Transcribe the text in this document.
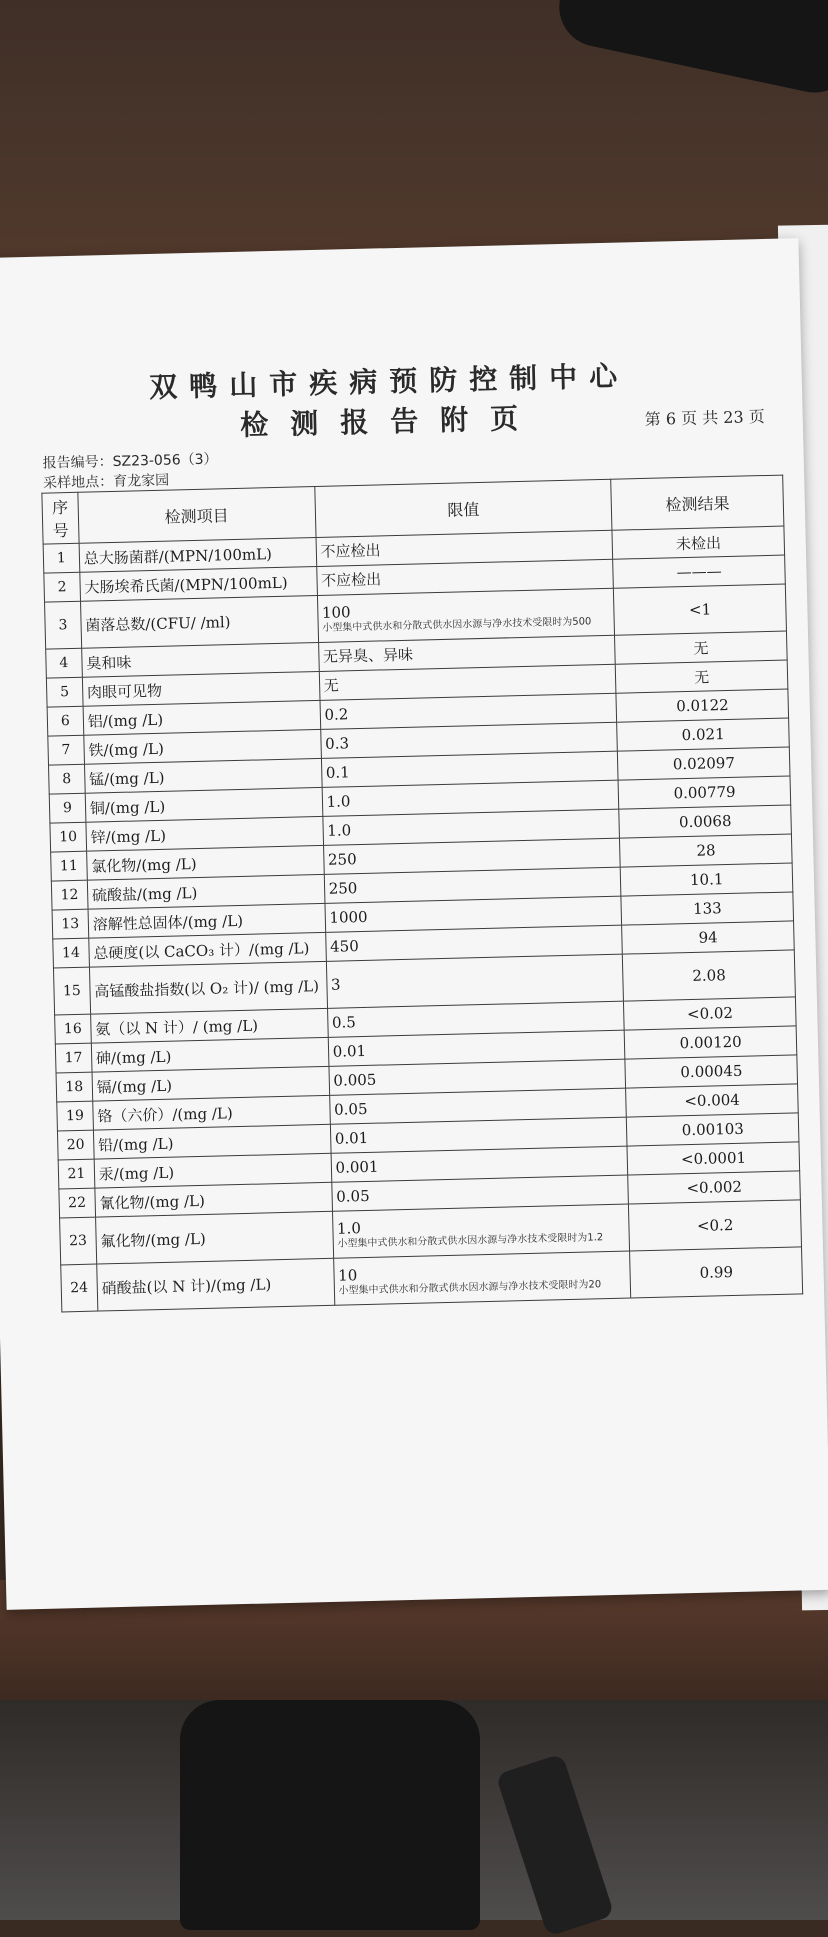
双鸭山市疾病预防控制中心
检测报告附页	第 6 页 共 23 页
报告编号：SZ23-056（3）
采样地点：育龙家园
序号	检测项目	限值	检测结果
1	总大肠菌群/(MPN/100mL)	不应检出	未检出
2	大肠埃希氏菌/(MPN/100mL)	不应检出	———
3	菌落总数/(CFU/ /ml)	100
小型集中式供水和分散式供水因水源与净水技术受限时为500	<1
4	臭和味	无异臭、异味	无
5	肉眼可见物	无	无
6	铝/(mg /L)	0.2	0.0122
7	铁/(mg /L)	0.3	0.021
8	锰/(mg /L)	0.1	0.02097
9	铜/(mg /L)	1.0	0.00779
10	锌/(mg /L)	1.0	0.0068
11	氯化物/(mg /L)	250	28
12	硫酸盐/(mg /L)	250	10.1
13	溶解性总固体/(mg /L)	1000	133
14	总硬度(以 CaCO₃ 计）/(mg /L)	450	94
15	高锰酸盐指数(以 O₂ 计)/ (mg /L)	3	2.08
16	氨（以 N 计）/ (mg /L)	0.5	<0.02
17	砷/(mg /L)	0.01	0.00120
18	镉/(mg /L)	0.005	0.00045
19	铬（六价）/(mg /L)	0.05	<0.004
20	铅/(mg /L)	0.01	0.00103
21	汞/(mg /L)	0.001	<0.0001
22	氰化物/(mg /L)	0.05	<0.002
23	氟化物/(mg /L)	1.0
小型集中式供水和分散式供水因水源与净水技术受限时为1.2	<0.2
24	硝酸盐(以 N 计)/(mg /L)	10
小型集中式供水和分散式供水因水源与净水技术受限时为20	0.99
